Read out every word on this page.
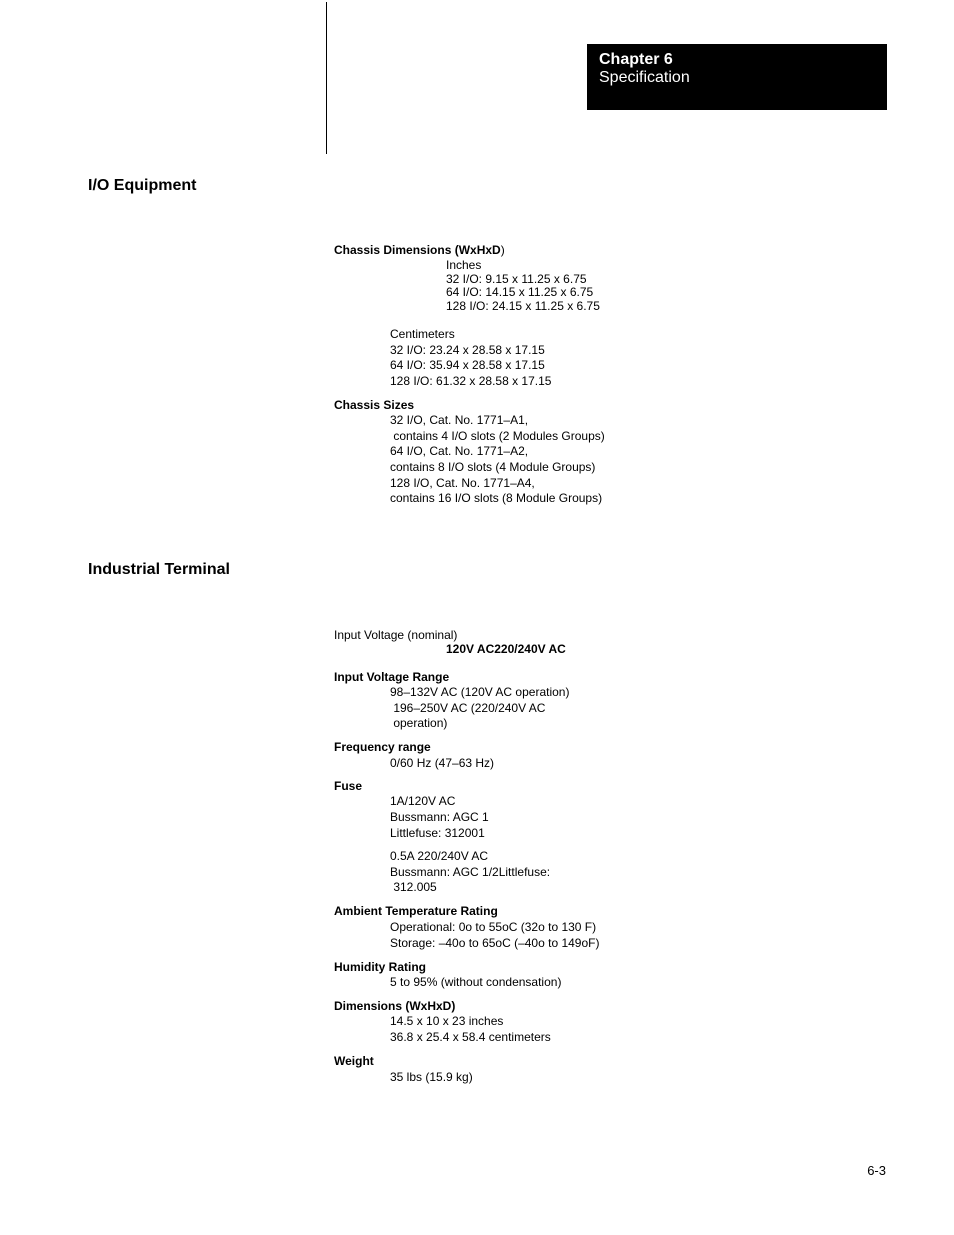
Chapter 6
Specification
I/O Equipment
Chassis Dimensions (WxHxD)
Inches
32 I/O: 9.15 x 11.25 x 6.75
64 I/O: 14.15 x 11.25 x 6.75
128 I/O: 24.15 x 11.25 x 6.75
Centimeters
32 I/O: 23.24 x 28.58 x 17.15
64 I/O: 35.94 x 28.58 x 17.15
128 I/O: 61.32 x 28.58 x 17.15
Chassis Sizes
32 I/O, Cat. No. 1771–A1,
contains 4 I/O slots (2 Modules Groups)
64 I/O, Cat. No. 1771–A2,
contains 8 I/O slots (4 Module Groups)
128 I/O, Cat. No. 1771–A4,
contains 16 I/O slots (8 Module Groups)
Industrial Terminal
Input Voltage (nominal)
120V AC220/240V AC
Input Voltage Range
98–132V AC (120V AC operation)
196–250V AC (220/240V AC
operation)
Frequency range
0/60 Hz (47–63 Hz)
Fuse
1A/120V AC
Bussmann: AGC 1
Littlefuse: 312001
0.5A 220/240V AC
Bussmann: AGC 1/2Littlefuse:
312.005
Ambient Temperature Rating
Operational: 0o to 55oC (32o to 130 F)
Storage: –40o to 65oC (–40o to 149oF)
Humidity Rating
5 to 95% (without condensation)
Dimensions (WxHxD)
14.5 x 10 x 23 inches
36.8 x 25.4 x 58.4 centimeters
Weight
35 lbs (15.9 kg)
6-3
